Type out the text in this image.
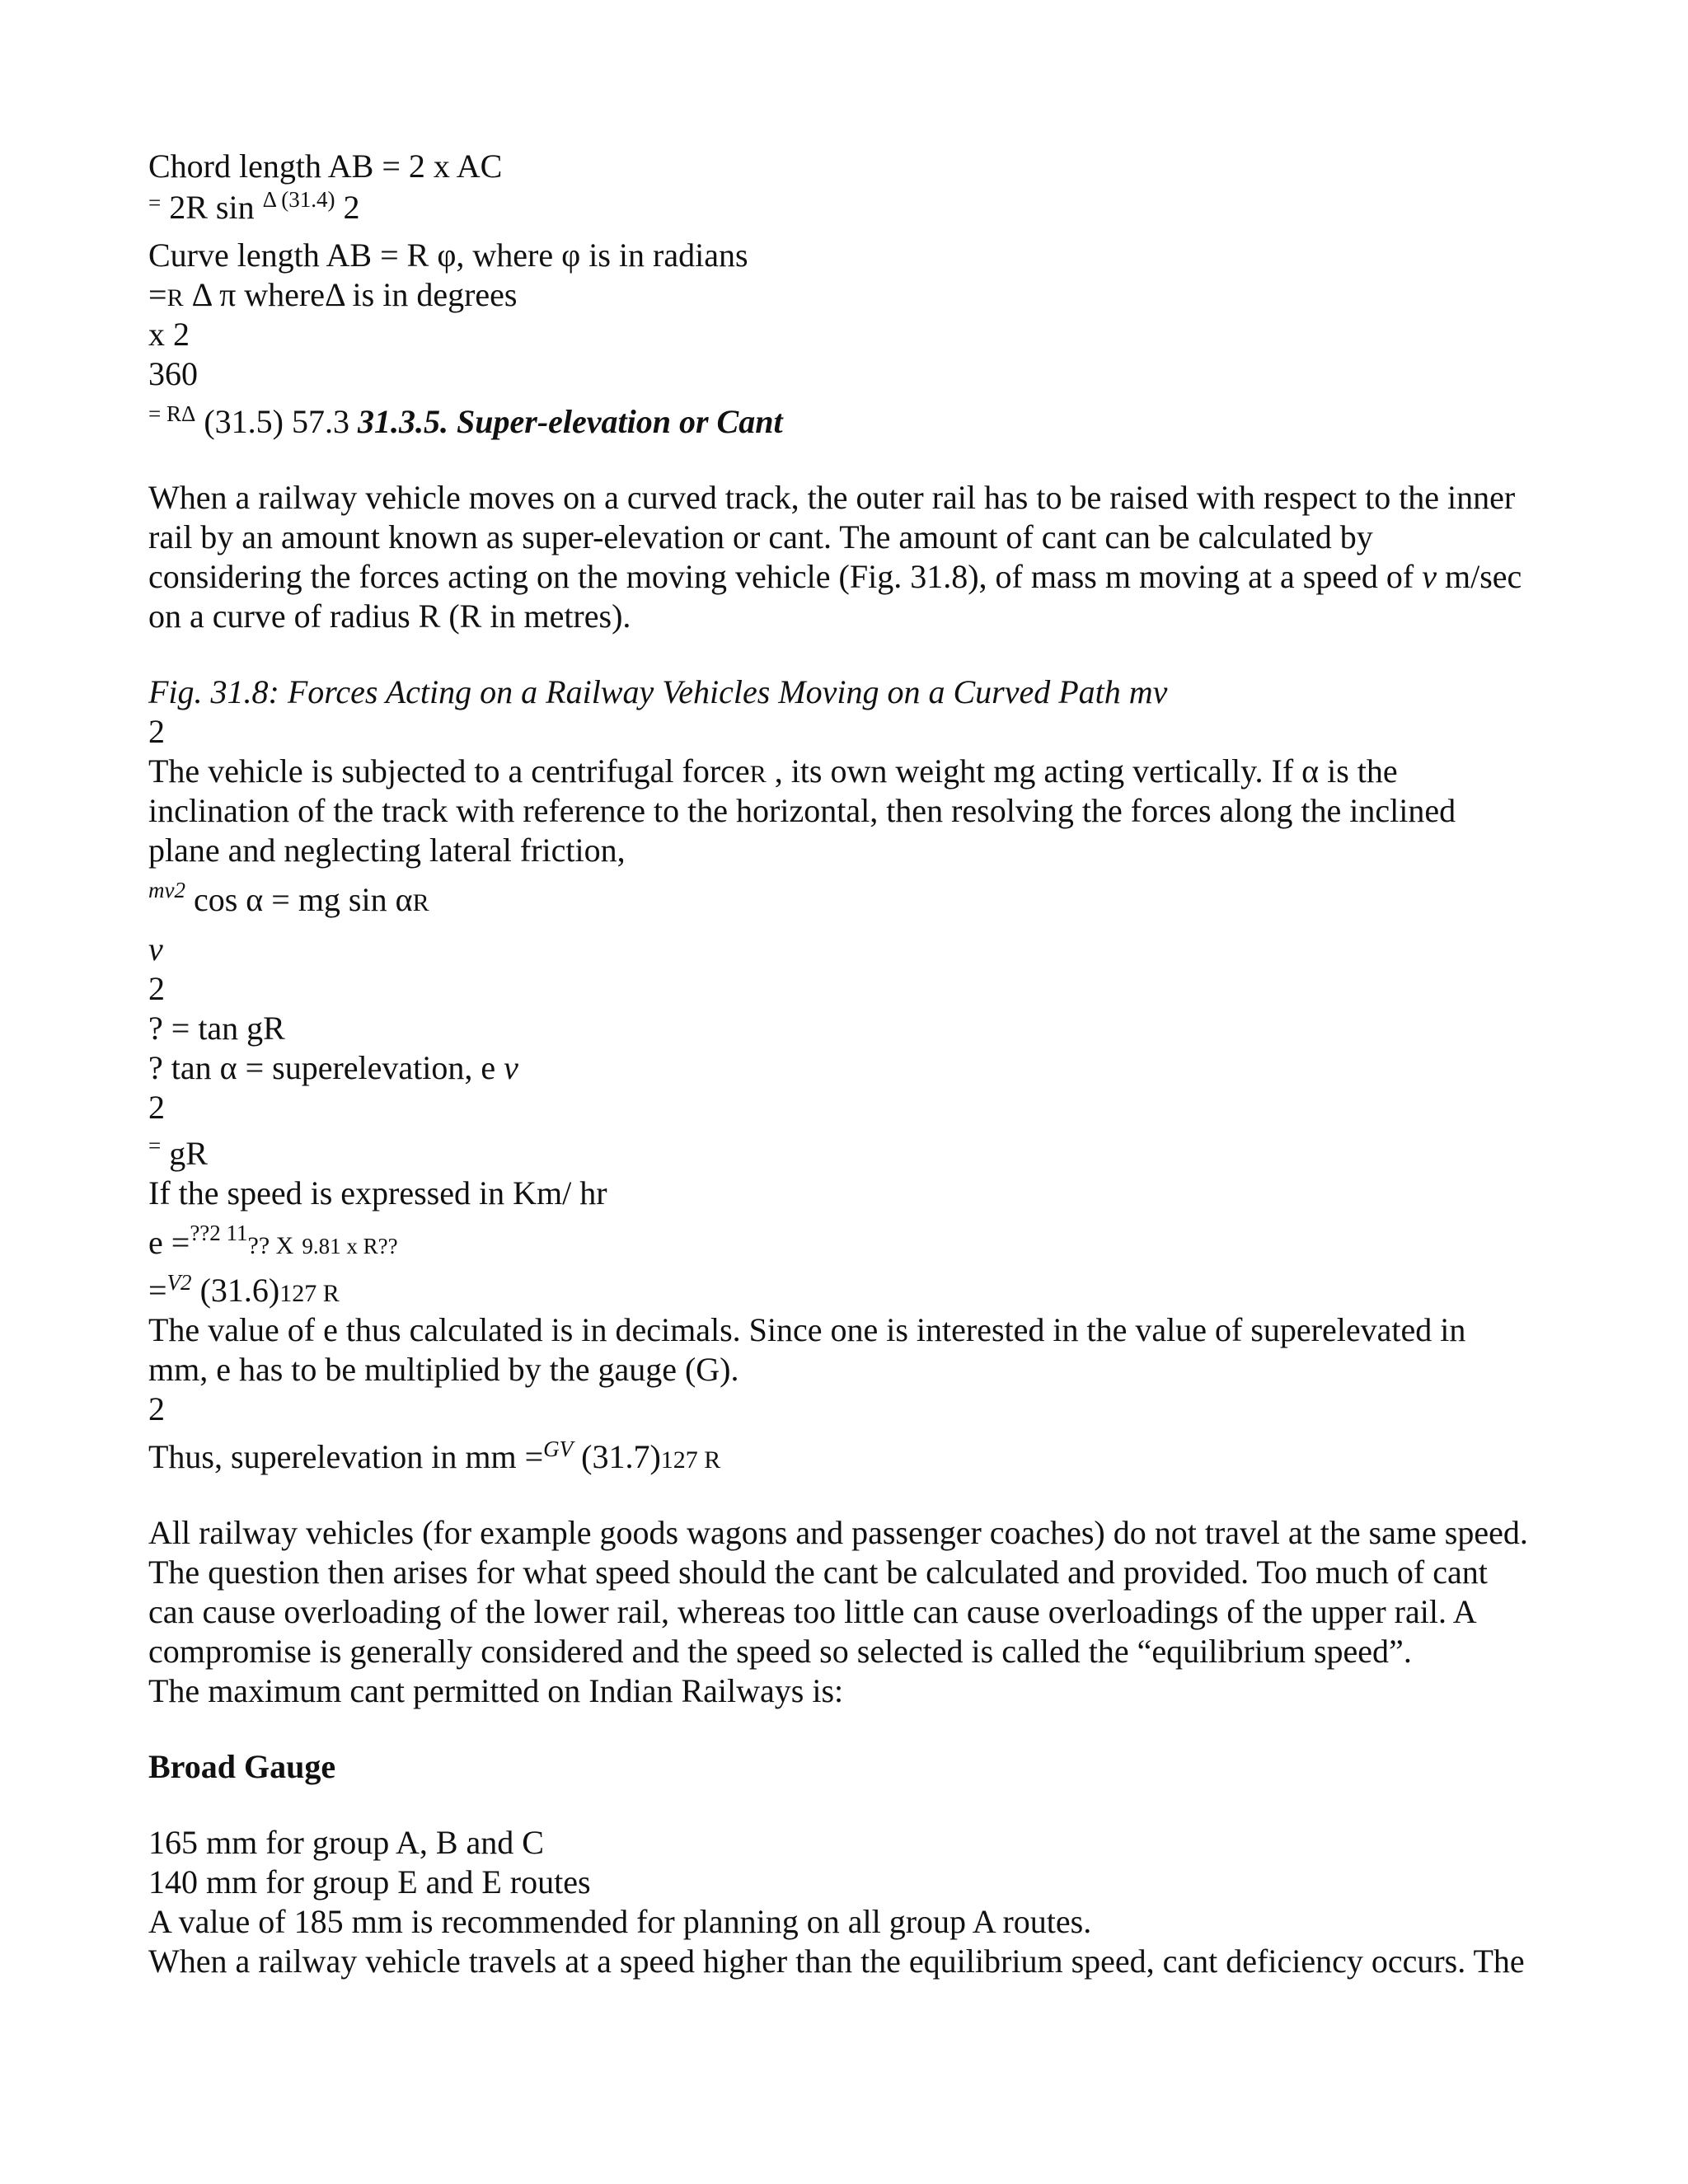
Chord length AB = 2 x AC
= 2R sin $^{\Delta (31.4)}$ 2
Curve length AB = R φ, where φ is in radians
=R Δ π whereΔ is in degrees
x 2
360
$^{= R\Delta}$ (31.5) 57.3 31.3.5. Super-elevation or Cant
When a railway vehicle moves on a curved track, the outer rail has to be raised with respect to the inner
rail by an amount known as super-elevation or cant. The amount of cant can be calculated by
considering the forces acting on the moving vehicle (Fig. 31.8), of mass m moving at a speed of v m/sec
on a curve of radius R (R in metres).
Fig. 31.8: Forces Acting on a Railway Vehicles Moving on a Curved Path mv
2
The vehicle is subjected to a centrifugal forceR , its own weight mg acting vertically. If α is the
inclination of the track with reference to the horizontal, then resolving the forces along the inclined
plane and neglecting lateral friction,
$^{mv2}$ cos α = mg sin αR
v
2
? = tan gR
? tan α = superelevation, e v
2
= gR
If the speed is expressed in Km/ hr
e =$^{??2 11}$?? X 9.81 x R??
=$^{V2}$ (31.6)127 R
The value of e thus calculated is in decimals. Since one is interested in the value of superelevated in
mm, e has to be multiplied by the gauge (G).
2
Thus, superelevation in mm =$^{GV}$ (31.7)127 R
All railway vehicles (for example goods wagons and passenger coaches) do not travel at the same speed.
The question then arises for what speed should the cant be calculated and provided. Too much of cant
can cause overloading of the lower rail, whereas too little can cause overloadings of the upper rail. A
compromise is generally considered and the speed so selected is called the “equilibrium speed”.
The maximum cant permitted on Indian Railways is:
Broad Gauge
165 mm for group A, B and C
140 mm for group E and E routes
A value of 185 mm is recommended for planning on all group A routes.
When a railway vehicle travels at a speed higher than the equilibrium speed, cant deficiency occurs. The
